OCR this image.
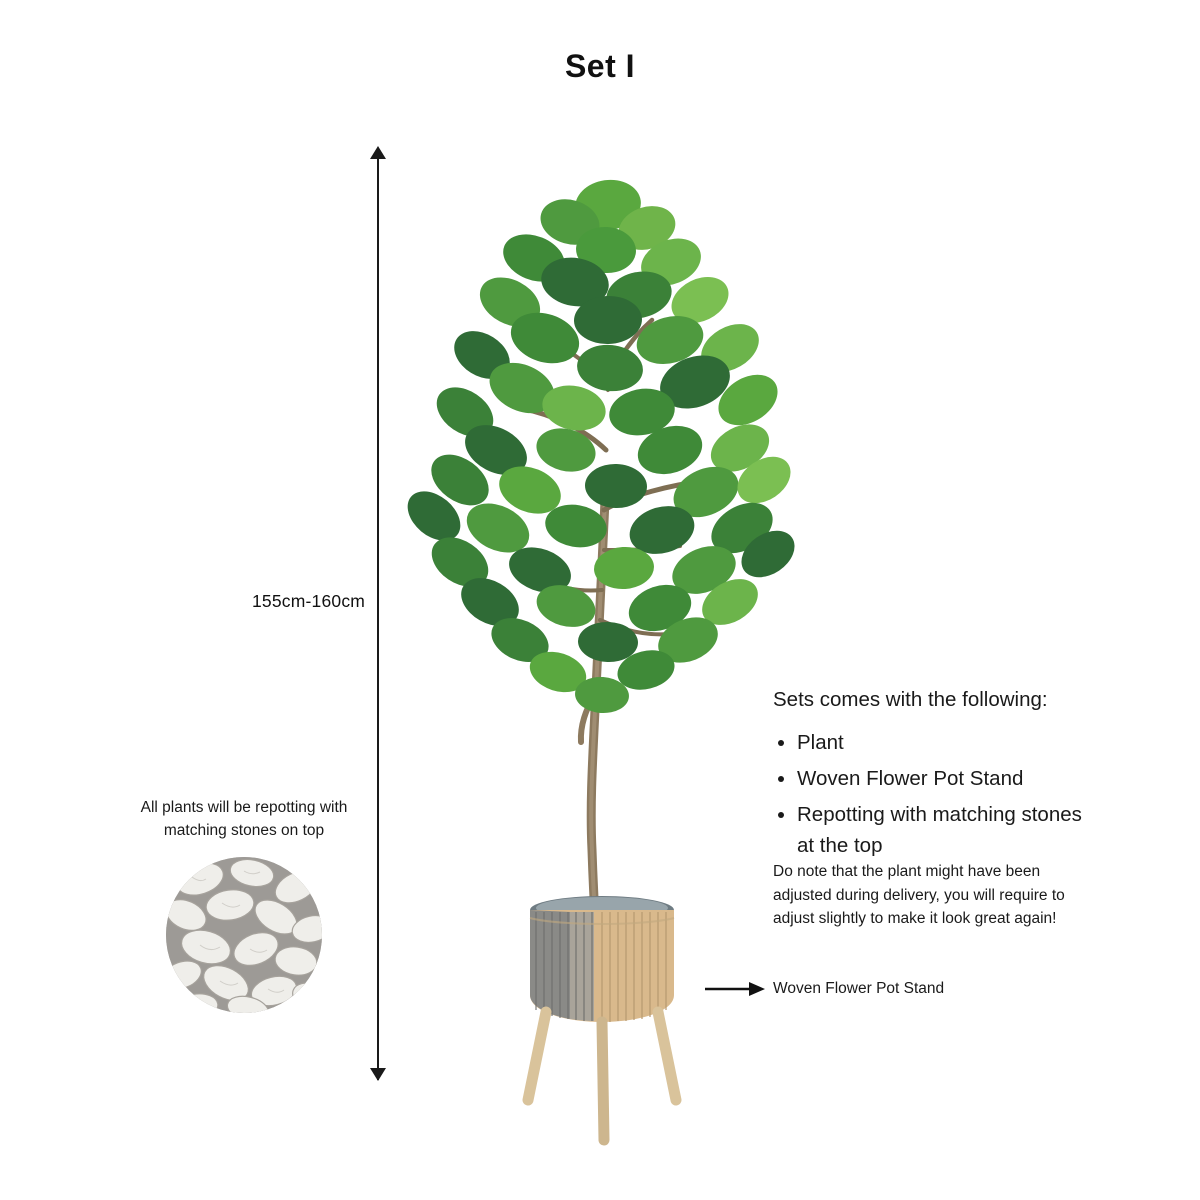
Set I
155cm-160cm
All plants will be repotting with matching stones on top
Sets comes with the following:
• Plant
• Woven Flower Pot Stand
• Repotting with matching stones at the top
Do note that the plant might have been adjusted during delivery, you will require to adjust slightly to make it look great again!
Woven Flower Pot Stand
